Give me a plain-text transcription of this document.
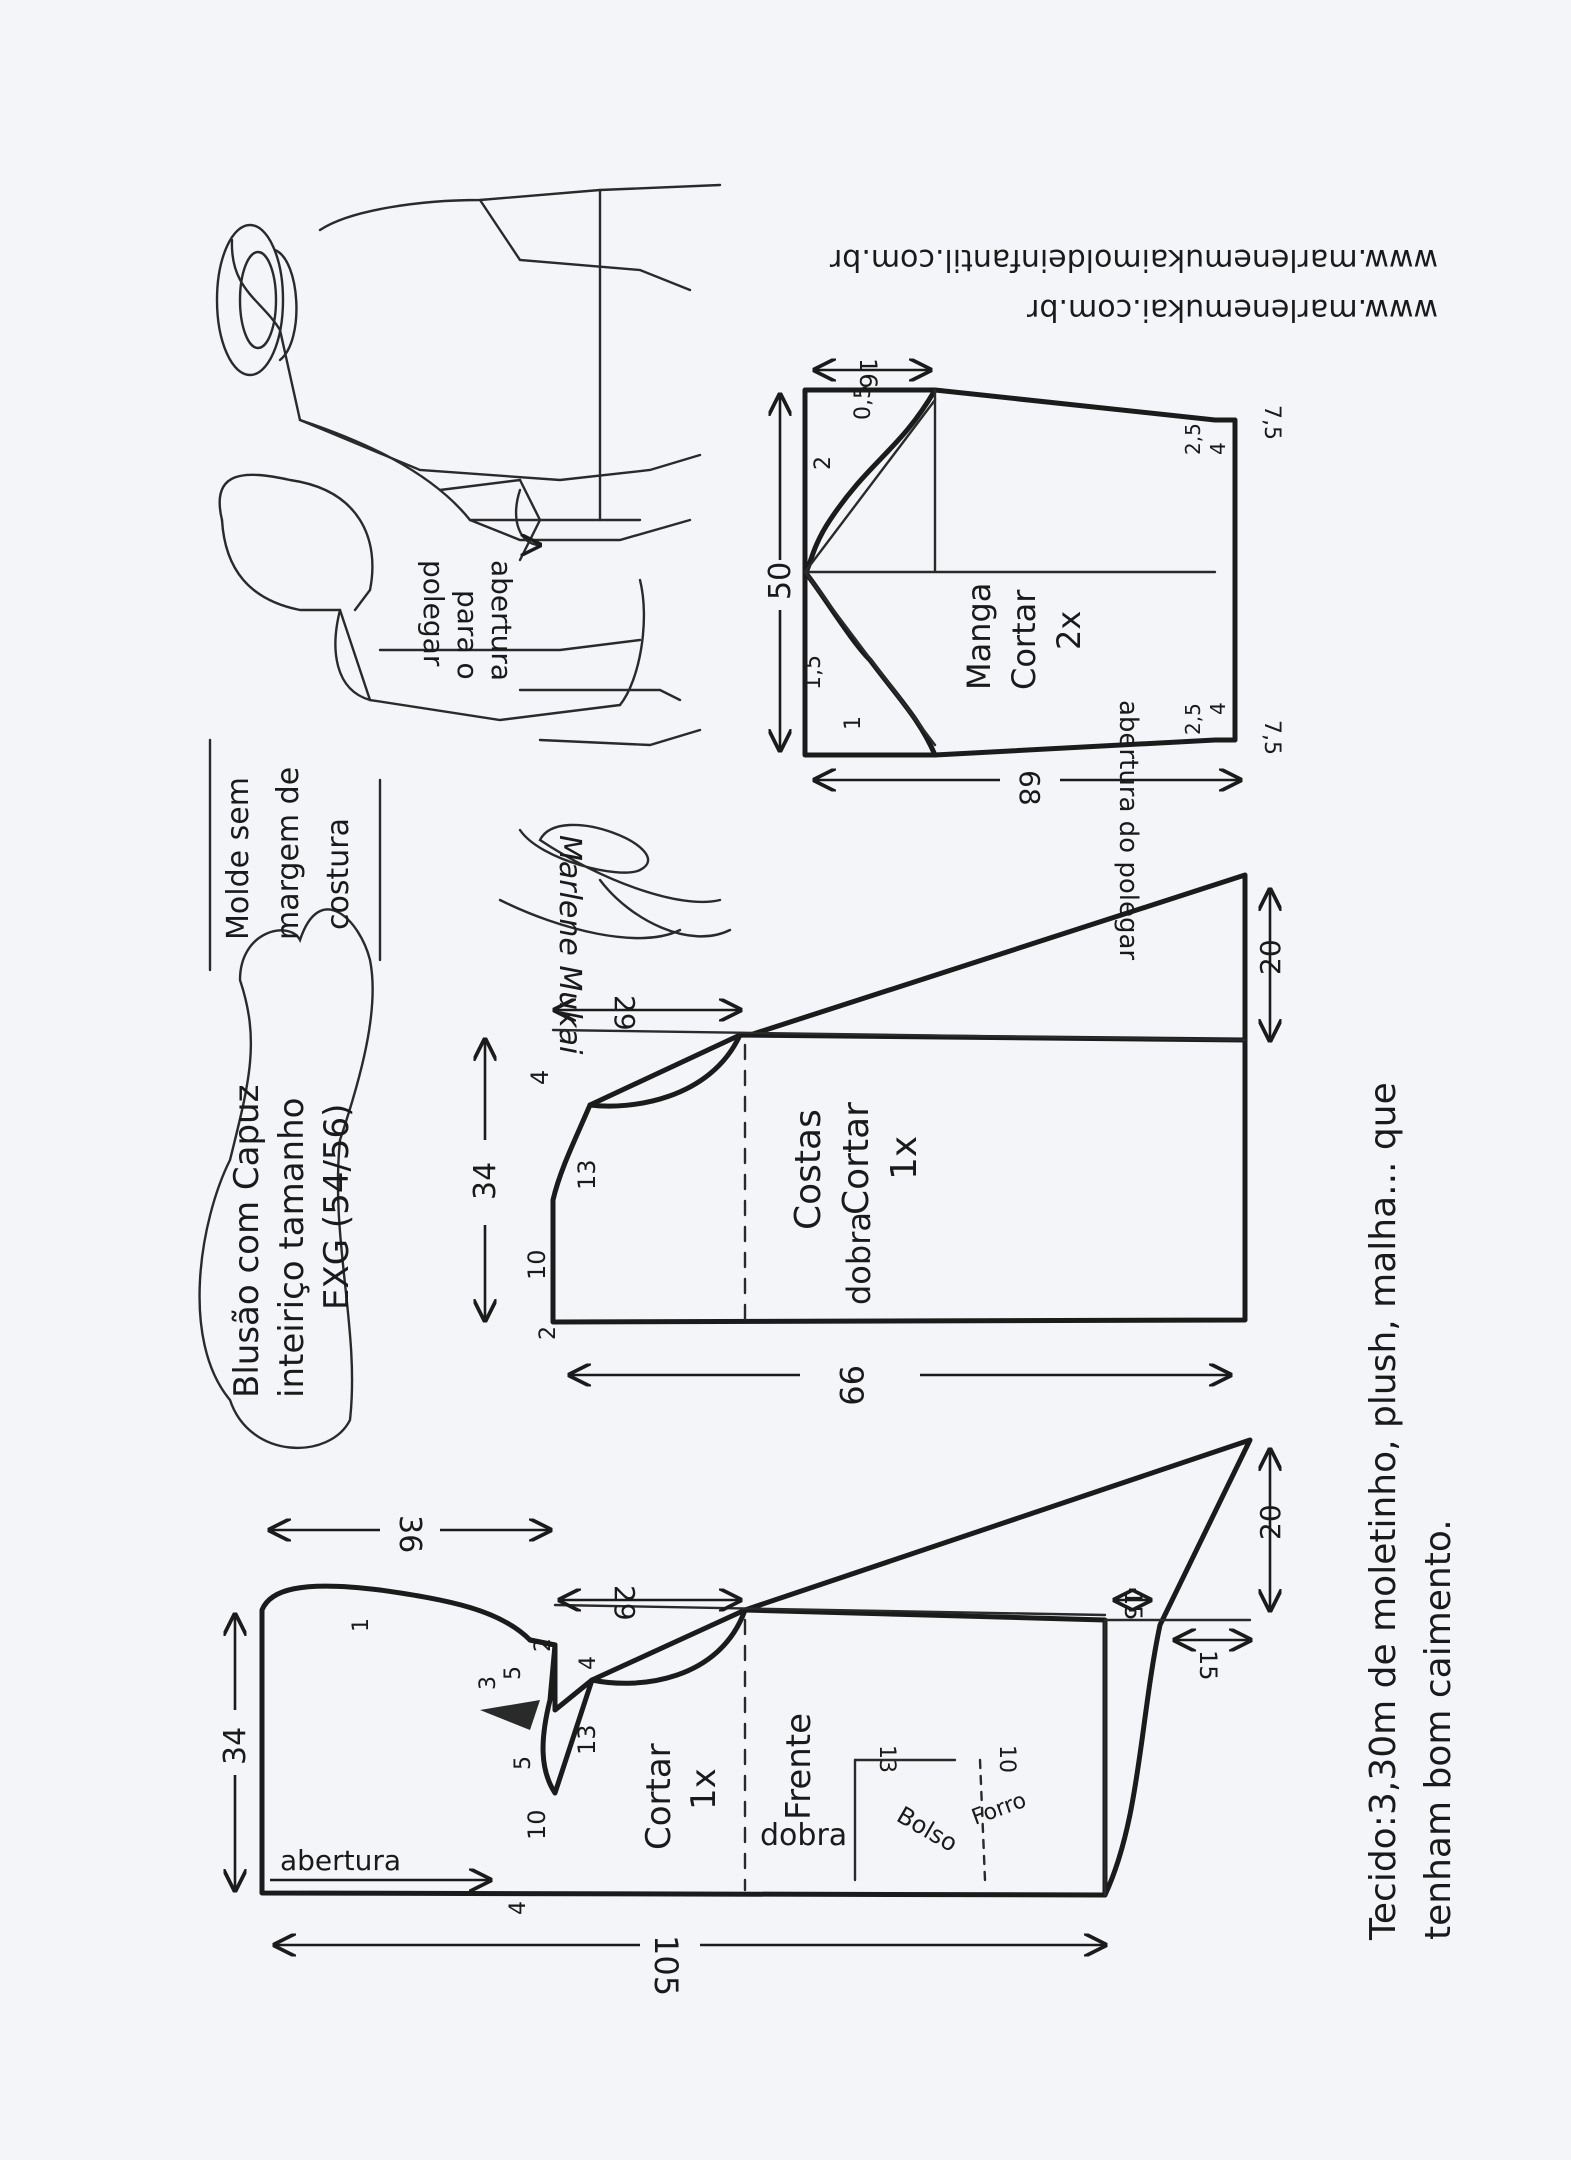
abertura
para o
polegar
www.marlenemukai.com.br
www.marlenemukaimoldeinfantil.com.br
Blusão com Capuz inteiriço tamanho EXG (54/56)
Molde sem margem de costura	Marlene Mukai
50
68
16
0,5
2
1,5
1
2,5
2,5
4
4
7,5
7,5
Manga Cortar 2x
abertura do polegar
99
34
29
20
10
13
4
2
Costas Cortar 1x
dobra
105
34
36
29
20
15
15
10
13
4
2
1
5
5
3
abertura
4
13	10
Cortar 1x Frente
dobra Bolso Forro
Tecido:
3,30m de moletinho, plush, malha... que tenham bom caimento.
